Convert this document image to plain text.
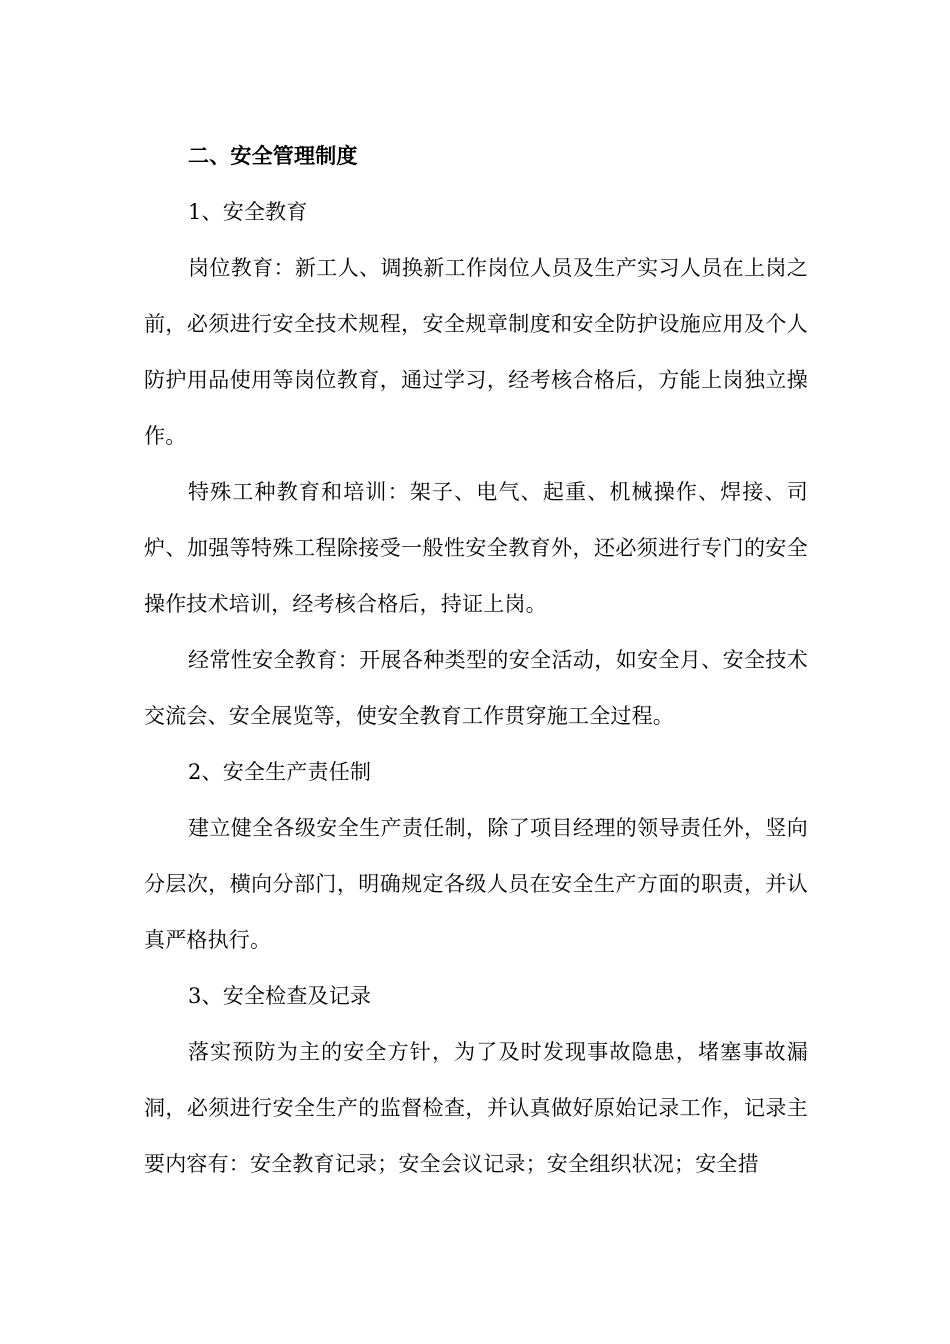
二、安全管理制度

1、安全教育

岗位教育：新工人、调换新工作岗位人员及生产实习人员在上岗之前，必须进行安全技术规程，安全规章制度和安全防护设施应用及个人防护用品使用等岗位教育，通过学习，经考核合格后，方能上岗独立操作。

特殊工种教育和培训：架子、电气、起重、机械操作、焊接、司炉、加强等特殊工程除接受一般性安全教育外，还必须进行专门的安全操作技术培训，经考核合格后，持证上岗。

经常性安全教育：开展各种类型的安全活动，如安全月、安全技术交流会、安全展览等，使安全教育工作贯穿施工全过程。

2、安全生产责任制

建立健全各级安全生产责任制，除了项目经理的领导责任外，竖向分层次，横向分部门，明确规定各级人员在安全生产方面的职责，并认真严格执行。

3、安全检查及记录

落实预防为主的安全方针，为了及时发现事故隐患，堵塞事故漏洞，必须进行安全生产的监督检查，并认真做好原始记录工作，记录主要内容有：安全教育记录；安全会议记录；安全组织状况；安全措
